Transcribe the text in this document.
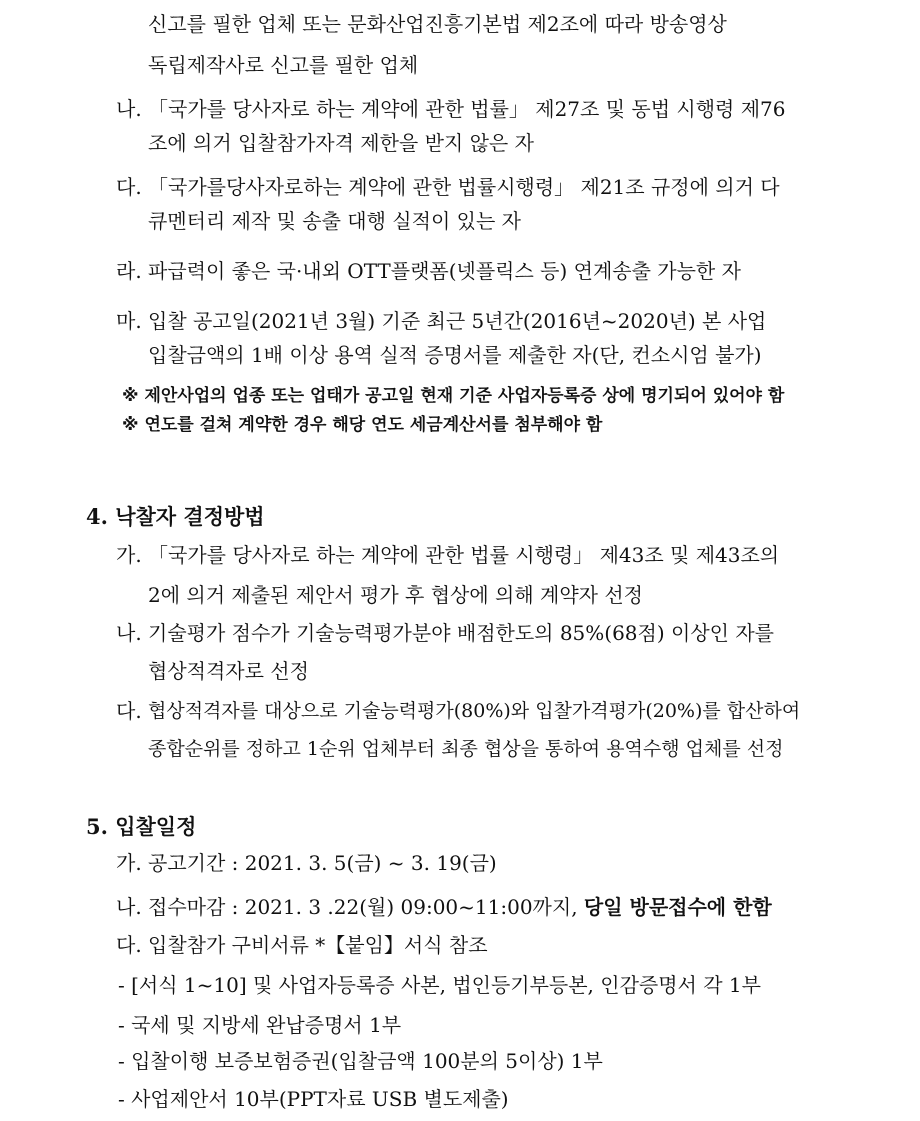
신고를 필한 업체 또는 문화산업진흥기본법 제2조에 따라 방송영상
독립제작사로 신고를 필한 업체
나. 「국가를 당사자로 하는 계약에 관한 법률」 제27조 및 동법 시행령 제76
조에 의거 입찰참가자격 제한을 받지 않은 자
다. 「국가를당사자로하는 계약에 관한 법률시행령」 제21조 규정에 의거 다
큐멘터리 제작 및 송출 대행 실적이 있는 자
라. 파급력이 좋은 국·내외 OTT플랫폼(넷플릭스 등) 연계송출 가능한 자
마. 입찰 공고일(2021년 3월) 기준 최근 5년간(2016년~2020년) 본 사업
입찰금액의 1배 이상 용역 실적 증명서를 제출한 자(단, 컨소시엄 불가)
※ 제안사업의 업종 또는 업태가 공고일 현재 기준 사업자등록증 상에 명기되어 있어야 함
※ 연도를 걸쳐 계약한 경우 해당 연도 세금계산서를 첨부해야 함
4. 낙찰자 결정방법
가. 「국가를 당사자로 하는 계약에 관한 법률 시행령」 제43조 및 제43조의
2에 의거 제출된 제안서 평가 후 협상에 의해 계약자 선정
나. 기술평가 점수가 기술능력평가분야 배점한도의 85%(68점) 이상인 자를
협상적격자로 선정
다. 협상적격자를 대상으로 기술능력평가(80%)와 입찰가격평가(20%)를 합산하여
종합순위를 정하고 1순위 업체부터 최종 협상을 통하여 용역수행 업체를 선정
5. 입찰일정
가. 공고기간 : 2021. 3. 5(금) ~ 3. 19(금)
나. 접수마감 : 2021. 3 .22(월) 09:00~11:00까지, 당일 방문접수에 한함
다. 입찰참가 구비서류 *【붙임】서식 참조
- [서식 1~10] 및 사업자등록증 사본, 법인등기부등본, 인감증명서 각 1부
- 국세 및 지방세 완납증명서 1부
- 입찰이행 보증보험증권(입찰금액 100분의 5이상) 1부
- 사업제안서 10부(PPT자료 USB 별도제출)
